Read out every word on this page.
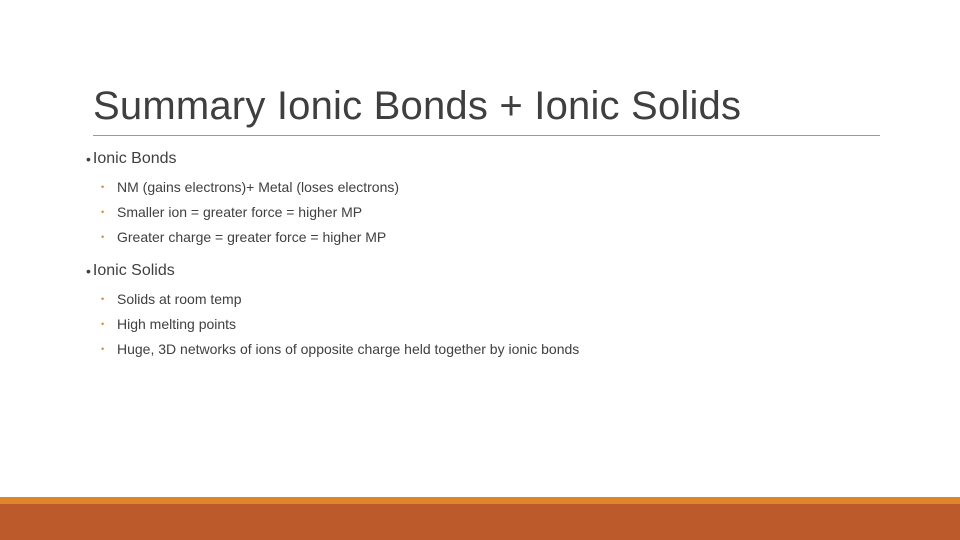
Summary Ionic Bonds + Ionic Solids
• Ionic Bonds
• NM (gains electrons)+ Metal (loses electrons)
• Smaller ion = greater force = higher MP
• Greater charge = greater force = higher MP
• Ionic Solids
• Solids at room temp
• High melting points
• Huge, 3D networks of ions of opposite charge held together by ionic bonds
